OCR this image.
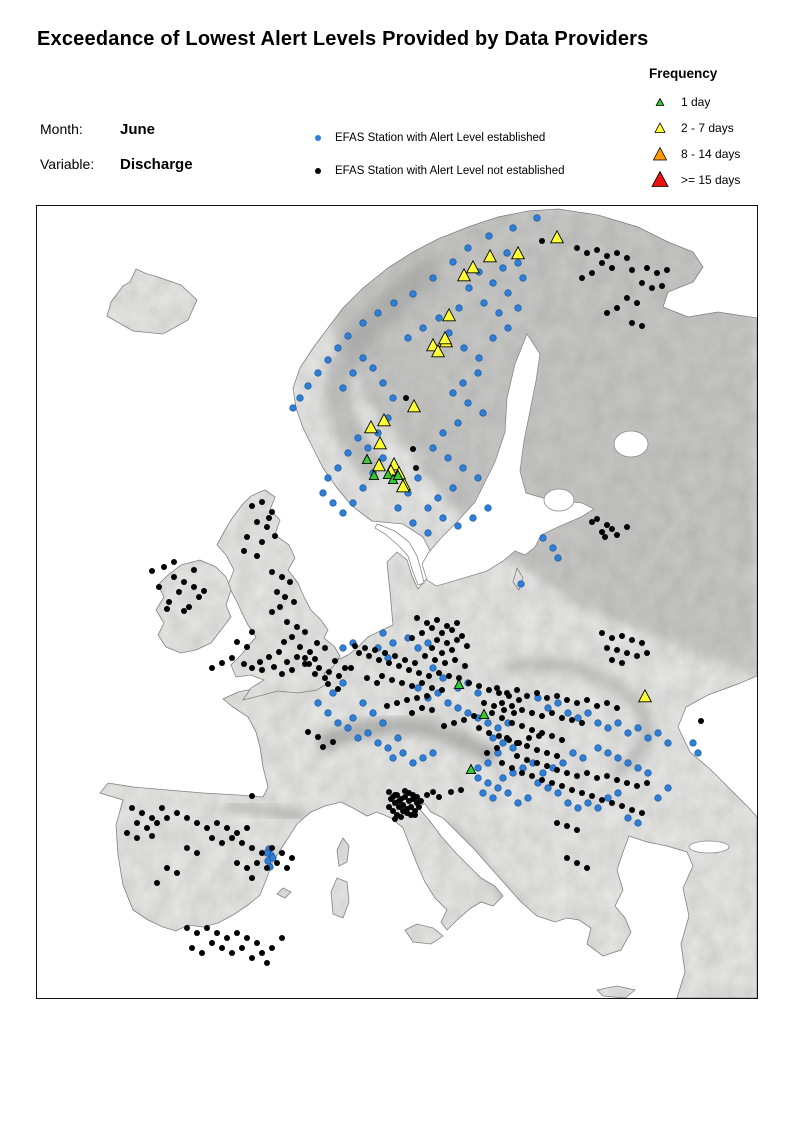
Exceedance of Lowest Alert Levels Provided by Data Providers
Month: June
Variable: Discharge
EFAS Station with Alert Level established
EFAS Station with Alert Level not established
Frequency
1 day
2 - 7 days
8 - 14 days
>= 15 days
